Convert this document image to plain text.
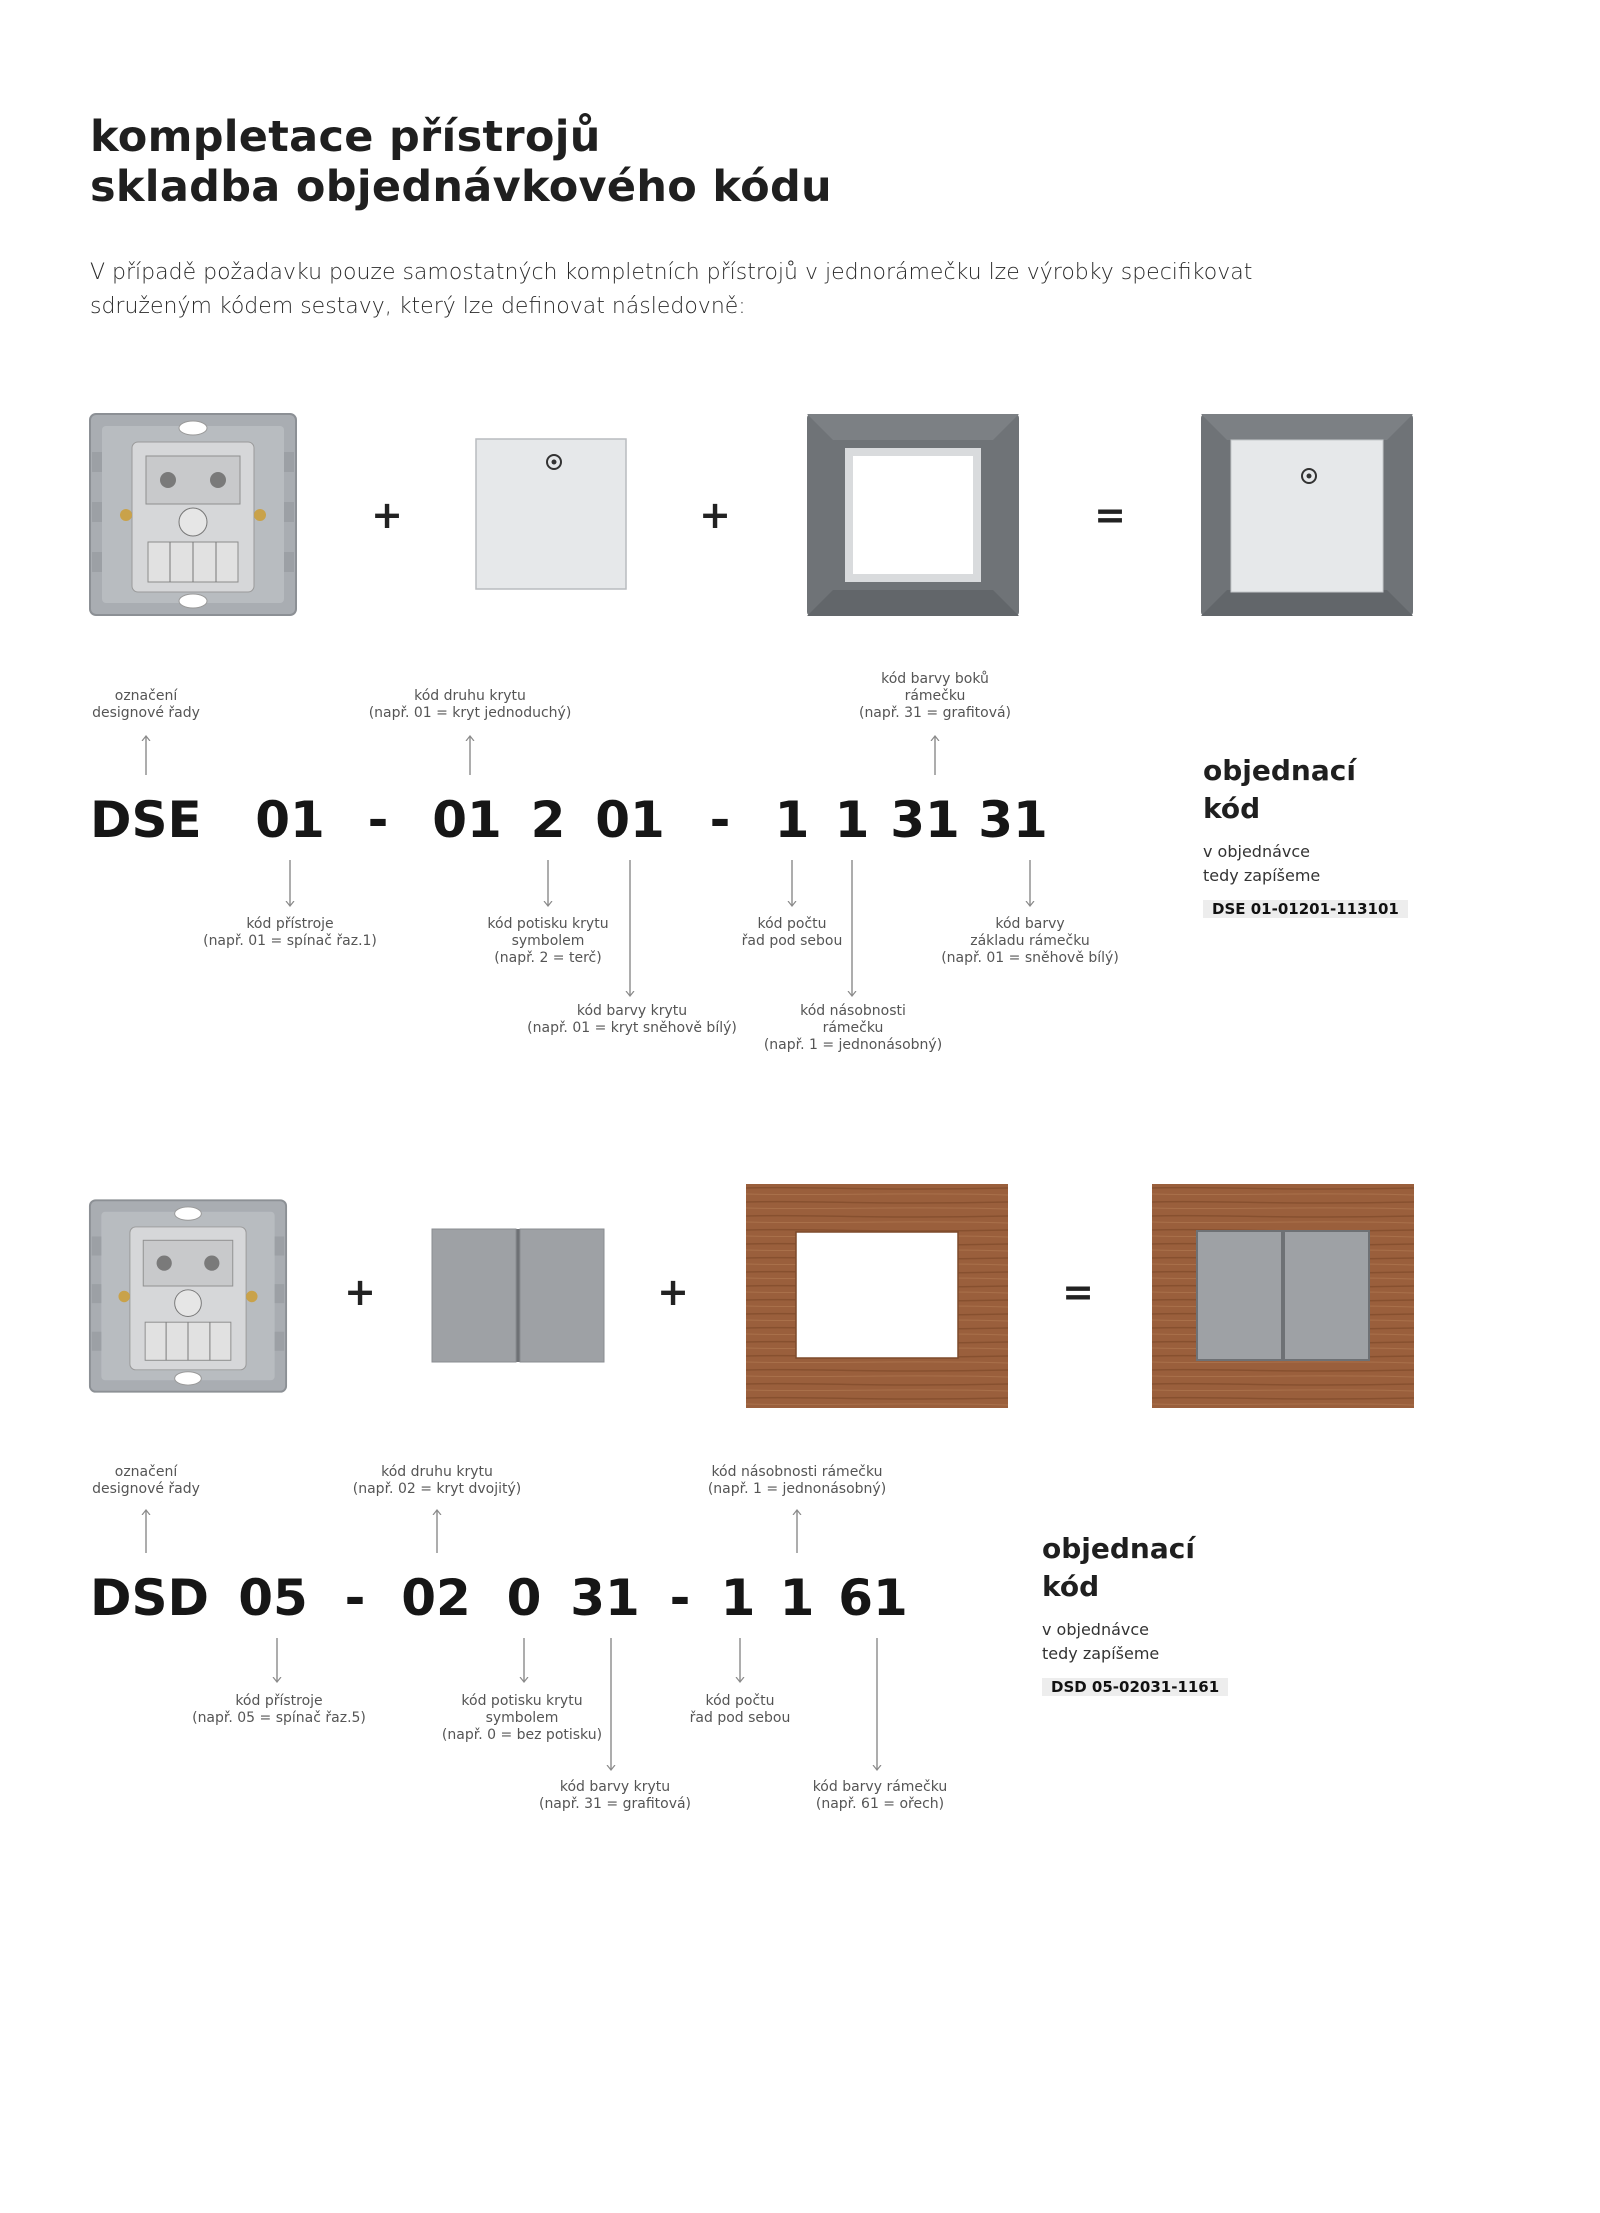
kompletace přístrojů
skladba objednávkového kódu
V případě požadavku pouze samostatných kompletních přístrojů v jednorámečku lze výrobky specifikovat
sdruženým kódem sestavy, který lze definovat následovně:
+	+	=
označení
designové řady
kód druhu krytu
(např. 01 = kryt jednoduchý)
kód barvy boků
rámečku
(např. 31 = grafitová)
DSE 01 - 01 2 01 - 1 1 31 31
kód přístroje
(např. 01 = spínač řaz.1)
kód potisku krytu
symbolem
(např. 2 = terč)
kód počtu
řad pod sebou
kód barvy
základu rámečku
(např. 01 = sněhově bílý)
kód barvy krytu
(např. 01 = kryt sněhově bílý)
kód násobnosti
rámečku
(např. 1 = jednonásobný)
objednací
kód
v objednávce
tedy zapíšeme
DSE 01-01201-113101
+	+	=
označení
designové řady
kód druhu krytu
(např. 02 = kryt dvojitý)
kód násobnosti rámečku
(např. 1 = jednonásobný)
DSD 05 - 02 0 31 - 1 1 61
kód přístroje
(např. 05 = spínač řaz.5)
kód potisku krytu
symbolem
(např. 0 = bez potisku)
kód počtu
řad pod sebou
kód barvy krytu
(např. 31 = grafitová)
kód barvy rámečku
(např. 61 = ořech)
objednací
kód
v objednávce
tedy zapíšeme
DSD 05-02031-1161
